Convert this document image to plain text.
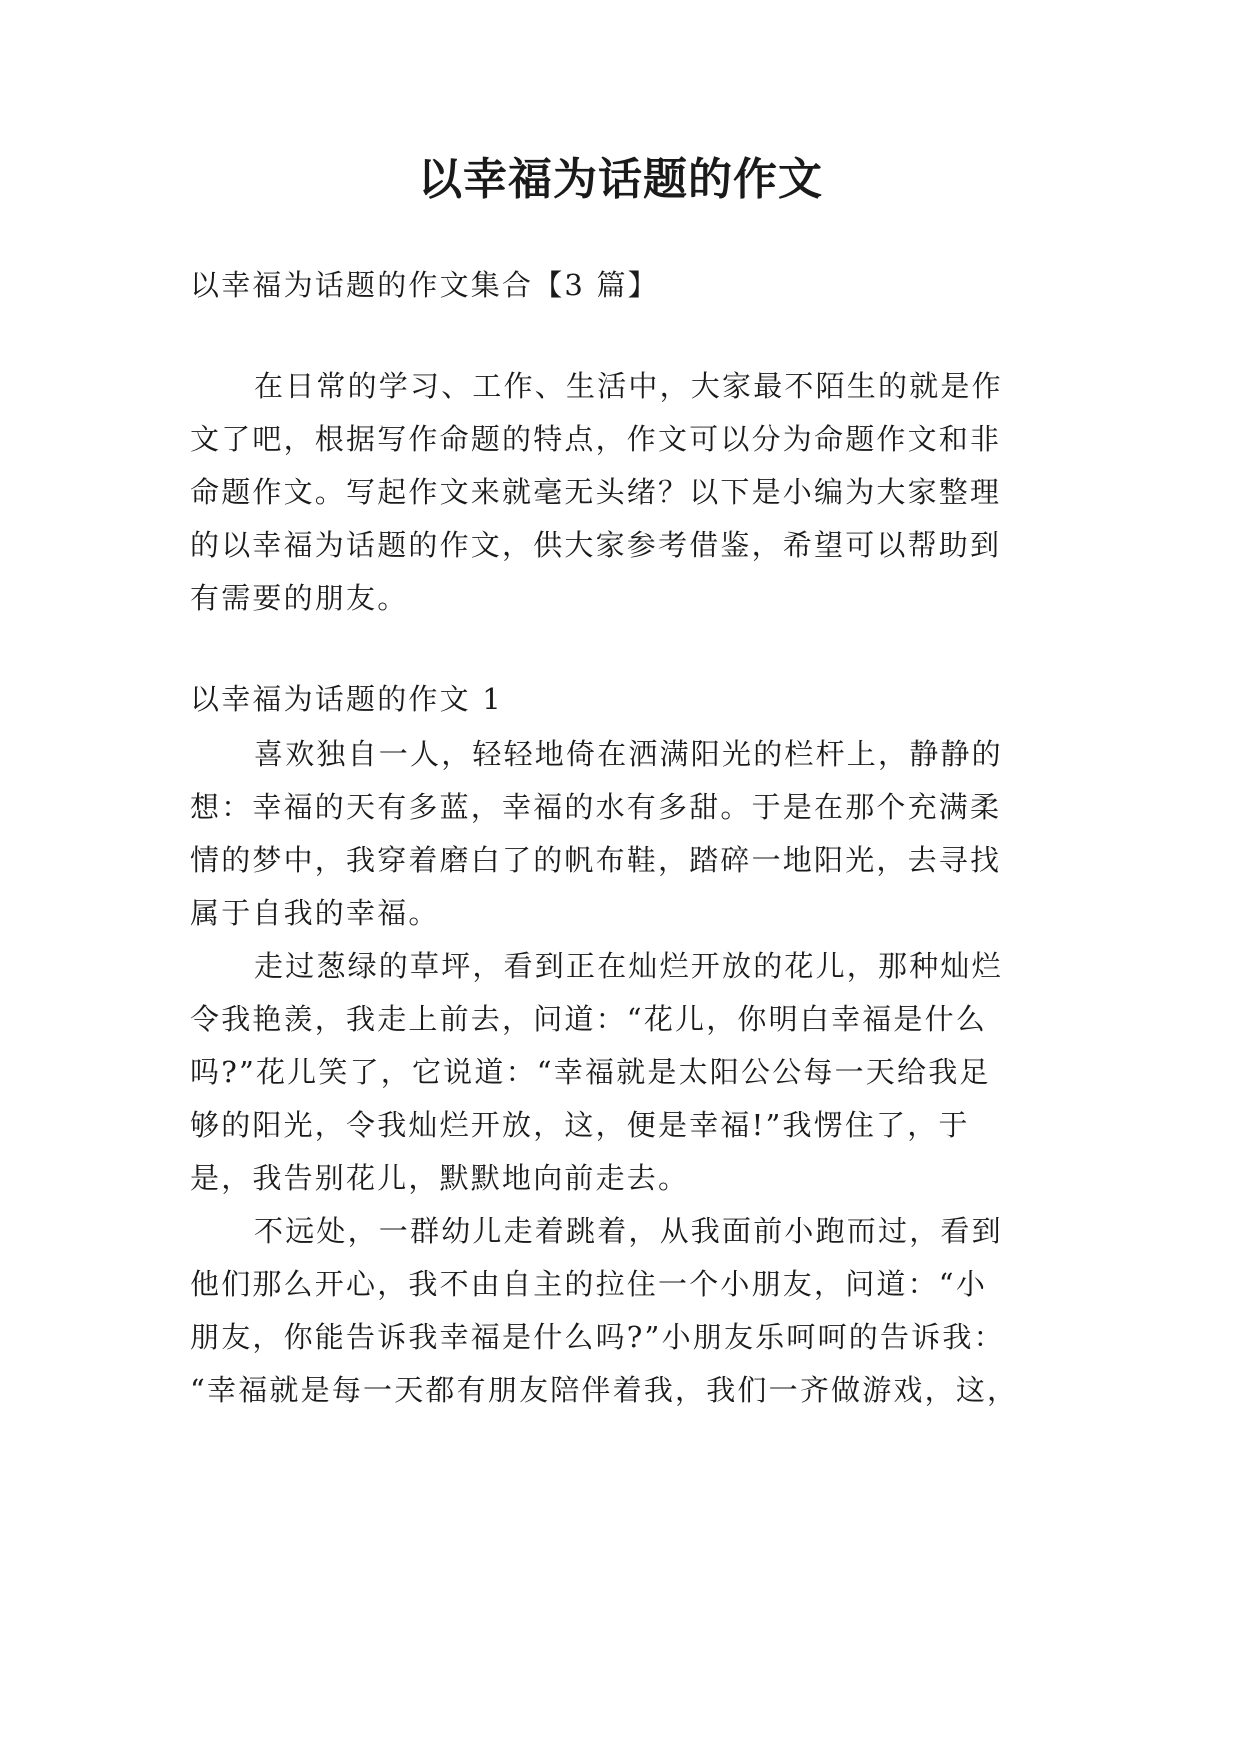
以幸福为话题的作文
以幸福为话题的作文集合【3 篇】
在日常的学习、工作、生活中，大家最不陌生的就是作
文了吧，根据写作命题的特点，作文可以分为命题作文和非
命题作文。写起作文来就毫无头绪？以下是小编为大家整理
的以幸福为话题的作文，供大家参考借鉴，希望可以帮助到
有需要的朋友。
以幸福为话题的作文 1
喜欢独自一人，轻轻地倚在洒满阳光的栏杆上，静静的
想：幸福的天有多蓝，幸福的水有多甜。于是在那个充满柔
情的梦中，我穿着磨白了的帆布鞋，踏碎一地阳光，去寻找
属于自我的幸福。
走过葱绿的草坪，看到正在灿烂开放的花儿，那种灿烂
令我艳羡，我走上前去，问道：“花儿，你明白幸福是什么
吗?”花儿笑了，它说道：“幸福就是太阳公公每一天给我足
够的阳光，令我灿烂开放，这，便是幸福!”我愣住了，于
是，我告别花儿，默默地向前走去。
不远处，一群幼儿走着跳着，从我面前小跑而过，看到
他们那么开心，我不由自主的拉住一个小朋友，问道：“小
朋友，你能告诉我幸福是什么吗?”小朋友乐呵呵的告诉我：
“幸福就是每一天都有朋友陪伴着我，我们一齐做游戏，这，
